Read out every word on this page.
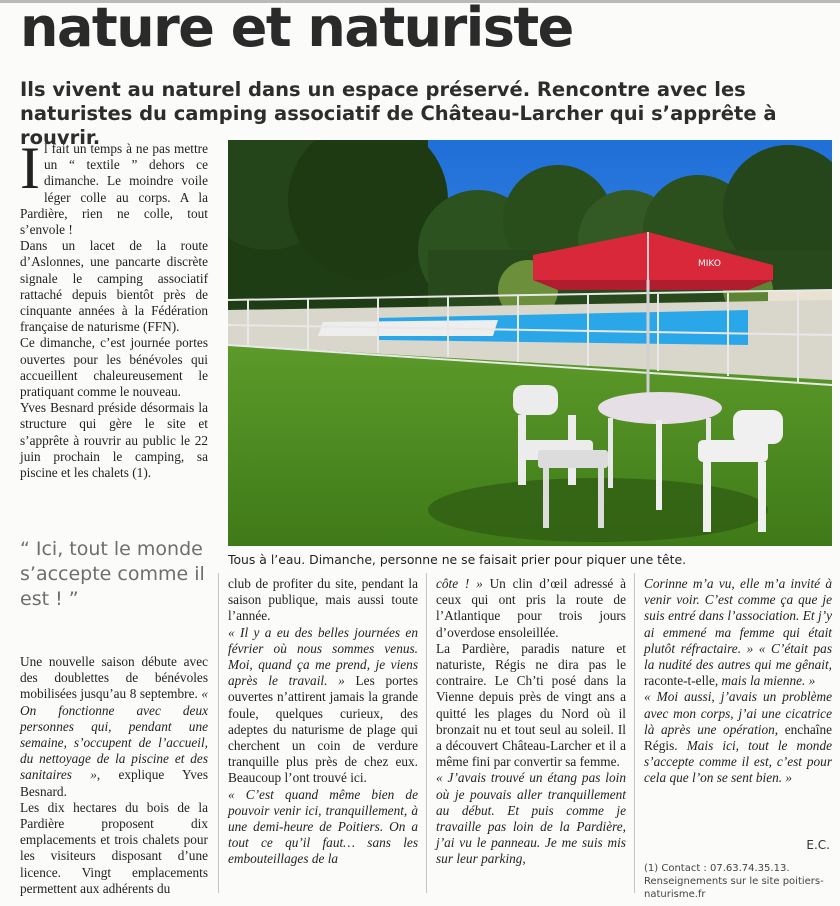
nature et naturiste
Ils vivent au naturel dans un espace préservé. Rencontre avec les naturistes du camping associatif de Château-Larcher qui s’apprête à rouvrir.
I l fait un temps à ne pas mettre un “ textile ” dehors ce dimanche. Le moindre voile léger colle au corps. A la Pardière, rien ne colle, tout s’envole !

Dans un lacet de la route d’Aslonnes, une pancarte discrète signale le camping associatif rattaché depuis bientôt près de cinquante années à la Fédération française de naturisme (FFN).

Ce dimanche, c’est journée portes ouvertes pour les bénévoles qui accueillent chaleureusement le pratiquant comme le nouveau.

Yves Besnard préside désormais la structure qui gère le site et s’apprête à rouvrir au public le 22 juin prochain le camping, sa piscine et les chalets (1).

“ Ici, tout le monde s’accepte comme il est ! ”

Une nouvelle saison débute avec des doublettes de bénévoles mobilisées jusqu’au 8 septembre. « On fonctionne avec deux personnes qui, pendant une semaine, s’occupent de l’accueil, du nettoyage de la piscine et des sanitaires », explique Yves Besnard.

Les dix hectares du bois de la Pardière proposent dix emplacements et trois chalets pour les visiteurs disposant d’une licence. Vingt emplacements permettent aux adhérents du

MIKO
Tous à l’eau. Dimanche, personne ne se faisait prier pour piquer une tête.

club de profiter du site, pendant la saison publique, mais aussi toute l’année.

« Il y a eu des belles journées en février où nous sommes venus. Moi, quand ça me prend, je viens après le travail. » Les portes ouvertes n’attirent jamais la grande foule, quelques curieux, des adeptes du naturisme de plage qui cherchent un coin de verdure tranquille plus près de chez eux. Beaucoup l’ont trouvé ici.

« C’est quand même bien de pouvoir venir ici, tranquillement, à une demi-heure de Poitiers. On a tout ce qu’il faut… sans les embouteillages de la

côte ! » Un clin d’œil adressé à ceux qui ont pris la route de l’Atlantique pour trois jours d’overdose ensoleillée.

La Pardière, paradis nature et naturiste, Régis ne dira pas le contraire. Le Ch’ti posé dans la Vienne depuis près de vingt ans a quitté les plages du Nord où il bronzait nu et tout seul au soleil. Il a découvert Château-Larcher et il a même fini par convertir sa femme.

« J’avais trouvé un étang pas loin où je pouvais aller tranquillement au début. Et puis comme je travaille pas loin de la Pardière, j’ai vu le panneau. Je me suis mis sur leur parking,

Corinne m’a vu, elle m’a invité à venir voir. C’est comme ça que je suis entré dans l’association. Et j’y ai emmené ma femme qui était plutôt réfractaire. » « C’était pas la nudité des autres qui me gênait, raconte-t-elle, mais la mienne. »

« Moi aussi, j’avais un problème avec mon corps, j’ai une cicatrice là après une opération, enchaîne Régis. Mais ici, tout le monde s’accepte comme il est, c’est pour cela que l’on se sent bien. »

E.C.
(1) Contact : 07.63.74.35.13. Renseignements sur le site poitiers-naturisme.fr
